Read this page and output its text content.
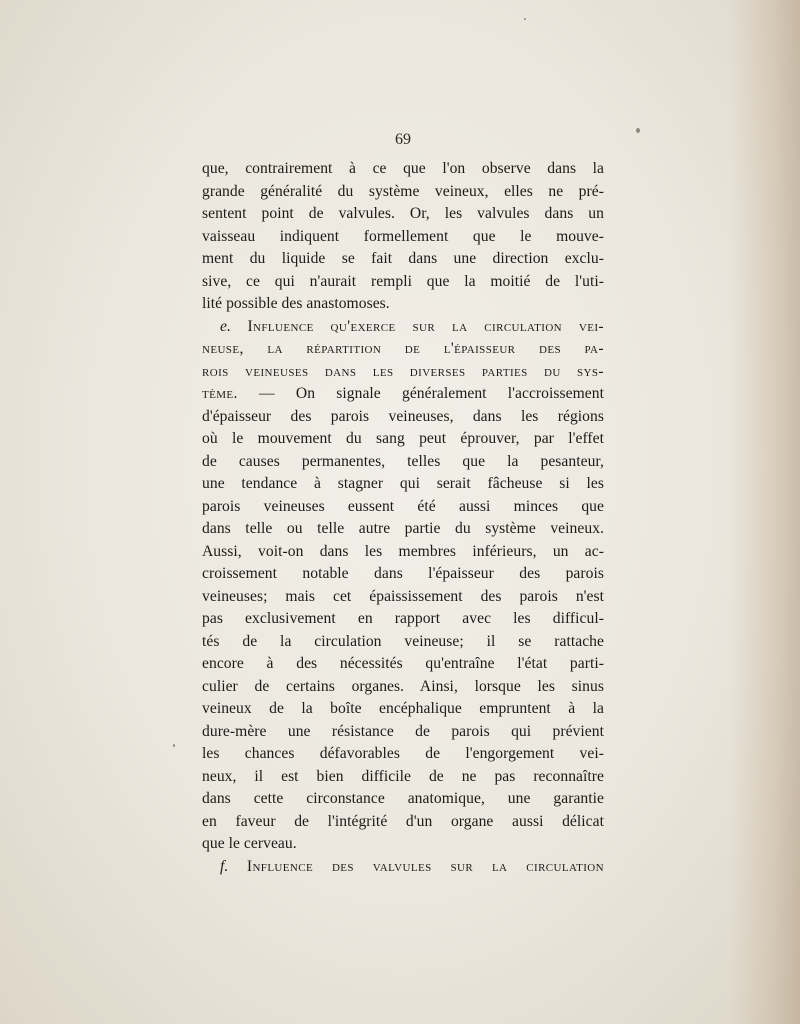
69
que, contrairement à ce que l'on observe dans la
grande généralité du système veineux, elles ne pré-
sentent point de valvules. Or, les valvules dans un
vaisseau indiquent formellement que le mouve-
ment du liquide se fait dans une direction exclu-
sive, ce qui n'aurait rempli que la moitié de l'uti-
lité possible des anastomoses.
e. Influence qu'exerce sur la circulation vei-
neuse, la répartition de l'épaisseur des pa-
rois veineuses dans les diverses parties du sys-
tème. — On signale généralement l'accroissement
d'épaisseur des parois veineuses, dans les régions
où le mouvement du sang peut éprouver, par l'effet
de causes permanentes, telles que la pesanteur,
une tendance à stagner qui serait fâcheuse si les
parois veineuses eussent été aussi minces que
dans telle ou telle autre partie du système veineux.
Aussi, voit-on dans les membres inférieurs, un ac-
croissement notable dans l'épaisseur des parois
veineuses; mais cet épaississement des parois n'est
pas exclusivement en rapport avec les difficul-
tés de la circulation veineuse; il se rattache
encore à des nécessités qu'entraîne l'état parti-
culier de certains organes. Ainsi, lorsque les sinus
veineux de la boîte encéphalique empruntent à la
dure-mère une résistance de parois qui prévient
les chances défavorables de l'engorgement vei-
neux, il est bien difficile de ne pas reconnaître
dans cette circonstance anatomique, une garantie
en faveur de l'intégrité d'un organe aussi délicat
que le cerveau.
f. Influence des valvules sur la circulation
